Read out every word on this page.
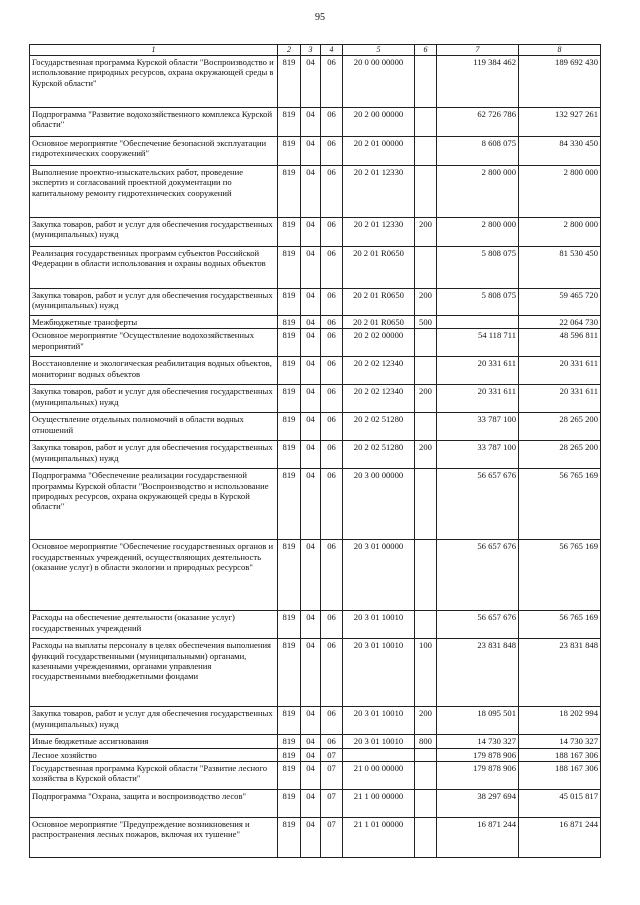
95
1	2	3	4	5	6	7	8
Государственная программа Курской области "Воспроизводство и использование природных ресурсов, охрана окружающей среды в Курской области"	819	04	06	20 0 00 00000		119 384 462	189 692 430
Подпрограмма "Развитие водохозяйственного комплекса Курской области"	819	04	06	20 2 00 00000		62 726 786	132 927 261
Основное мероприятие "Обеспечение безопасной эксплуатации гидротехнических сооружений"	819	04	06	20 2 01 00000		8 608 075	84 330 450
Выполнение проектно-изыскательских работ, проведение экспертиз и согласований проектной документации по капитальному ремонту гидротехнических сооружений	819	04	06	20 2 01 12330		2 800 000	2 800 000
Закупка товаров, работ и услуг для обеспечения государственных (муниципальных) нужд	819	04	06	20 2 01 12330	200	2 800 000	2 800 000
Реализация государственных программ субъектов Российской Федерации в области использования и охраны водных объектов	819	04	06	20 2 01 R0650		5 808 075	81 530 450
Закупка товаров, работ и услуг для обеспечения государственных (муниципальных) нужд	819	04	06	20 2 01 R0650	200	5 808 075	59 465 720
Межбюджетные трансферты	819	04	06	20 2 01 R0650	500		22 064 730
Основное мероприятие "Осуществление водохозяйственных мероприятий"	819	04	06	20 2 02 00000		54 118 711	48 596 811
Восстановление и экологическая реабилитация водных объектов, мониторинг водных объектов	819	04	06	20 2 02 12340		20 331 611	20 331 611
Закупка товаров, работ и услуг для обеспечения государственных (муниципальных) нужд	819	04	06	20 2 02 12340	200	20 331 611	20 331 611
Осуществление отдельных полномочий в области водных отношений	819	04	06	20 2 02 51280		33 787 100	28 265 200
Закупка товаров, работ и услуг для обеспечения государственных (муниципальных) нужд	819	04	06	20 2 02 51280	200	33 787 100	28 265 200
Подпрограмма "Обеспечение реализации государственной программы Курской области "Воспроизводство и использование природных ресурсов, охрана окружающей среды в Курской области"	819	04	06	20 3 00 00000		56 657 676	56 765 169
Основное мероприятие "Обеспечение государственных органов и государственных учреждений, осуществляющих деятельность (оказание услуг) в области экологии и природных ресурсов"	819	04	06	20 3 01 00000		56 657 676	56 765 169
Расходы на обеспечение деятельности (оказание услуг) государственных учреждений	819	04	06	20 3 01 10010		56 657 676	56 765 169
Расходы на выплаты персоналу в целях обеспечения выполнения функций государственными (муниципальными) органами, казенными учреждениями, органами управления государственными внебюджетными фондами	819	04	06	20 3 01 10010	100	23 831 848	23 831 848
Закупка товаров, работ и услуг для обеспечения государственных (муниципальных) нужд	819	04	06	20 3 01 10010	200	18 095 501	18 202 994
Иные бюджетные ассигнования	819	04	06	20 3 01 10010	800	14 730 327	14 730 327
Лесное хозяйство	819	04	07			179 878 906	188 167 306
Государственная программа Курской области "Развитие лесного хозяйства в Курской области"	819	04	07	21 0 00 00000		179 878 906	188 167 306
Подпрограмма "Охрана, защита и воспроизводство лесов"	819	04	07	21 1 00 00000		38 297 694	45 015 817
Основное мероприятие "Предупреждение возникновения и распространения лесных пожаров, включая их тушение"	819	04	07	21 1 01 00000		16 871 244	16 871 244
